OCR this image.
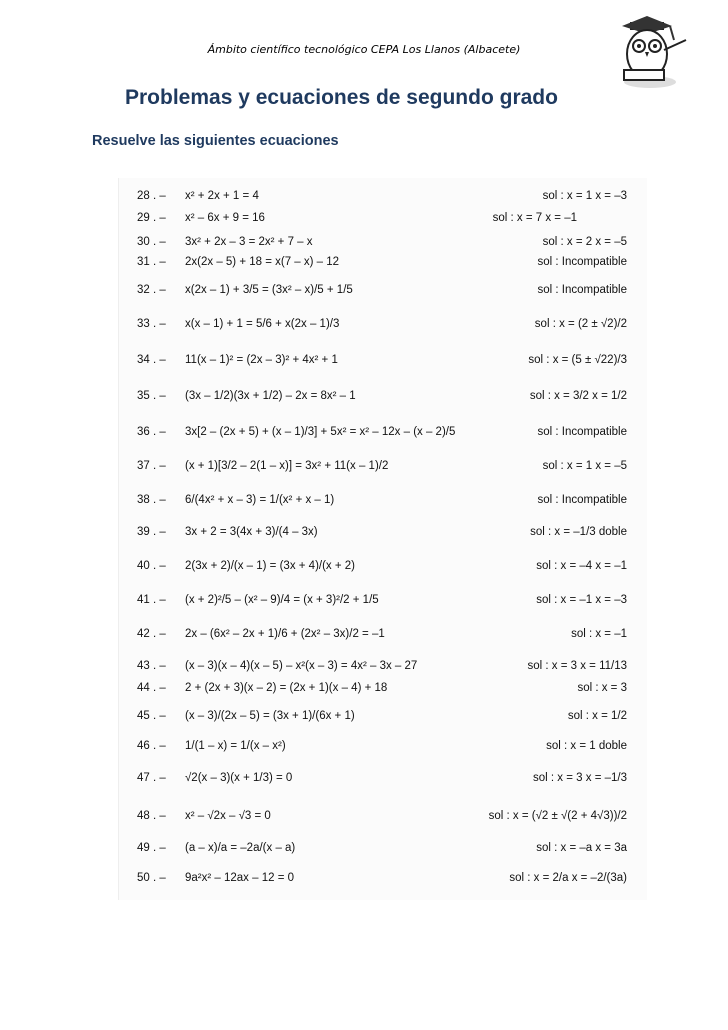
Ámbito científico tecnológico CEPA Los Llanos (Albacete)
Problemas y ecuaciones de segundo grado
Resuelve las siguientes ecuaciones
28 . –	x² + 2x + 1 = 4	sol : x = 1 x = –3
29 . –	x² – 6x + 9 = 16	sol : x = 7 x = –1
30 . –	3x² + 2x – 3 = 2x² + 7 – x	sol : x = 2 x = –5
31 . –	2x(2x – 5) + 18 = x(7 – x) – 12	sol : Incompatible
32 . –	x(2x – 1) + 3/5 = (3x² – x)/5 + 1/5	sol : Incompatible
33 . –	x(x – 1) + 1 = 5/6 + x(2x – 1)/3	sol : x = (2 ± √2)/2
34 . –	11(x – 1)² = (2x – 3)² + 4x² + 1	sol : x = (5 ± √22)/3
35 . –	(3x – 1/2)(3x + 1/2) – 2x = 8x² – 1	sol : x = 3/2 x = 1/2
36 . –	3x[2 – (2x + 5) + (x – 1)/3] + 5x² = x² – 12x – (x – 2)/5	sol : Incompatible
37 . –	(x + 1)[3/2 – 2(1 – x)] = 3x² + 11(x – 1)/2	sol : x = 1 x = –5
38 . –	6/(4x² + x – 3) = 1/(x² + x – 1)	sol : Incompatible
39 . –	3x + 2 = 3(4x + 3)/(4 – 3x)	sol : x = –1/3 doble
40 . –	2(3x + 2)/(x – 1) = (3x + 4)/(x + 2)	sol : x = –4 x = –1
41 . –	(x + 2)²/5 – (x² – 9)/4 = (x + 3)²/2 + 1/5	sol : x = –1 x = –3
42 . –	2x – (6x² – 2x + 1)/6 + (2x² – 3x)/2 = –1	sol : x = –1
43 . –	(x – 3)(x – 4)(x – 5) – x²(x – 3) = 4x² – 3x – 27	sol : x = 3 x = 11/13
44 . –	2 + (2x + 3)(x – 2) = (2x + 1)(x – 4) + 18	sol : x = 3
45 . –	(x – 3)/(2x – 5) = (3x + 1)/(6x + 1)	sol : x = 1/2
46 . –	1/(1 – x) = 1/(x – x²)	sol : x = 1 doble
47 . –	√2(x – 3)(x + 1/3) = 0	sol : x = 3 x = –1/3
48 . –	x² – √2x – √3 = 0	sol : x = (√2 ± √(2 + 4√3))/2
49 . –	(a – x)/a = –2a/(x – a)	sol : x = –a x = 3a
50 . –	9a²x² – 12ax – 12 = 0	sol : x = 2/a x = –2/(3a)
